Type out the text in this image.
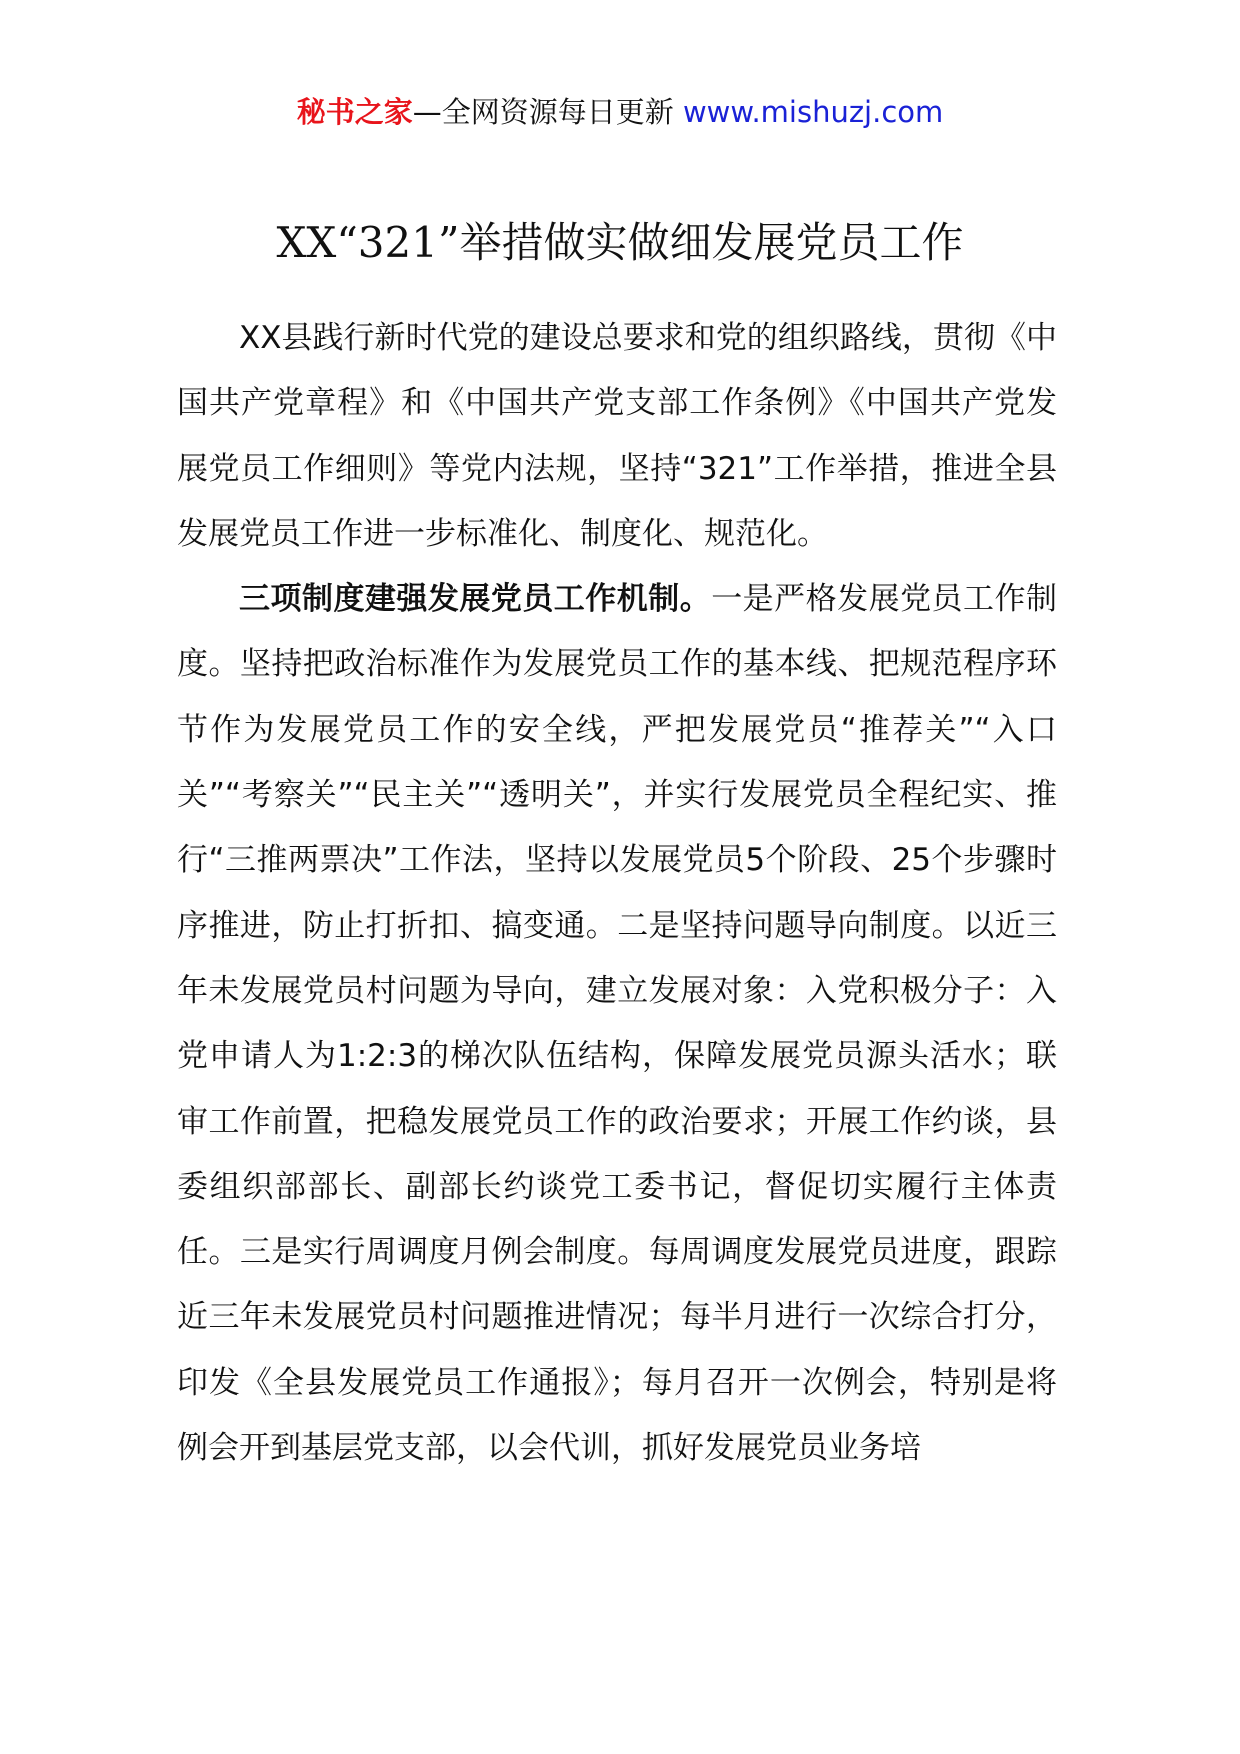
秘书之家—全网资源每日更新 www.mishuzj.com
XX“321”举措做实做细发展党员工作

XX县践行新时代党的建设总要求和党的组织路线，贯彻《中国共产党章程》和《中国共产党支部工作条例》《中国共产党发展党员工作细则》等党内法规，坚持“321”工作举措，推进全县发展党员工作进一步标准化、制度化、规范化。

三项制度建强发展党员工作机制。一是严格发展党员工作制度。坚持把政治标准作为发展党员工作的基本线、把规范程序环节作为发展党员工作的安全线，严把发展党员“推荐关”“入口关”“考察关”“民主关”“透明关”，并实行发展党员全程纪实、推行“三推两票决”工作法，坚持以发展党员5个阶段、25个步骤时序推进，防止打折扣、搞变通。二是坚持问题导向制度。以近三年未发展党员村问题为导向，建立发展对象：入党积极分子：入党申请人为1:2:3的梯次队伍结构，保障发展党员源头活水；联审工作前置，把稳发展党员工作的政治要求；开展工作约谈，县委组织部部长、副部长约谈党工委书记，督促切实履行主体责任。三是实行周调度月例会制度。每周调度发展党员进度，跟踪近三年未发展党员村问题推进情况；每半月进行一次综合打分，印发《全县发展党员工作通报》；每月召开一次例会，特别是将例会开到基层党支部，以会代训，抓好发展党员业务培
